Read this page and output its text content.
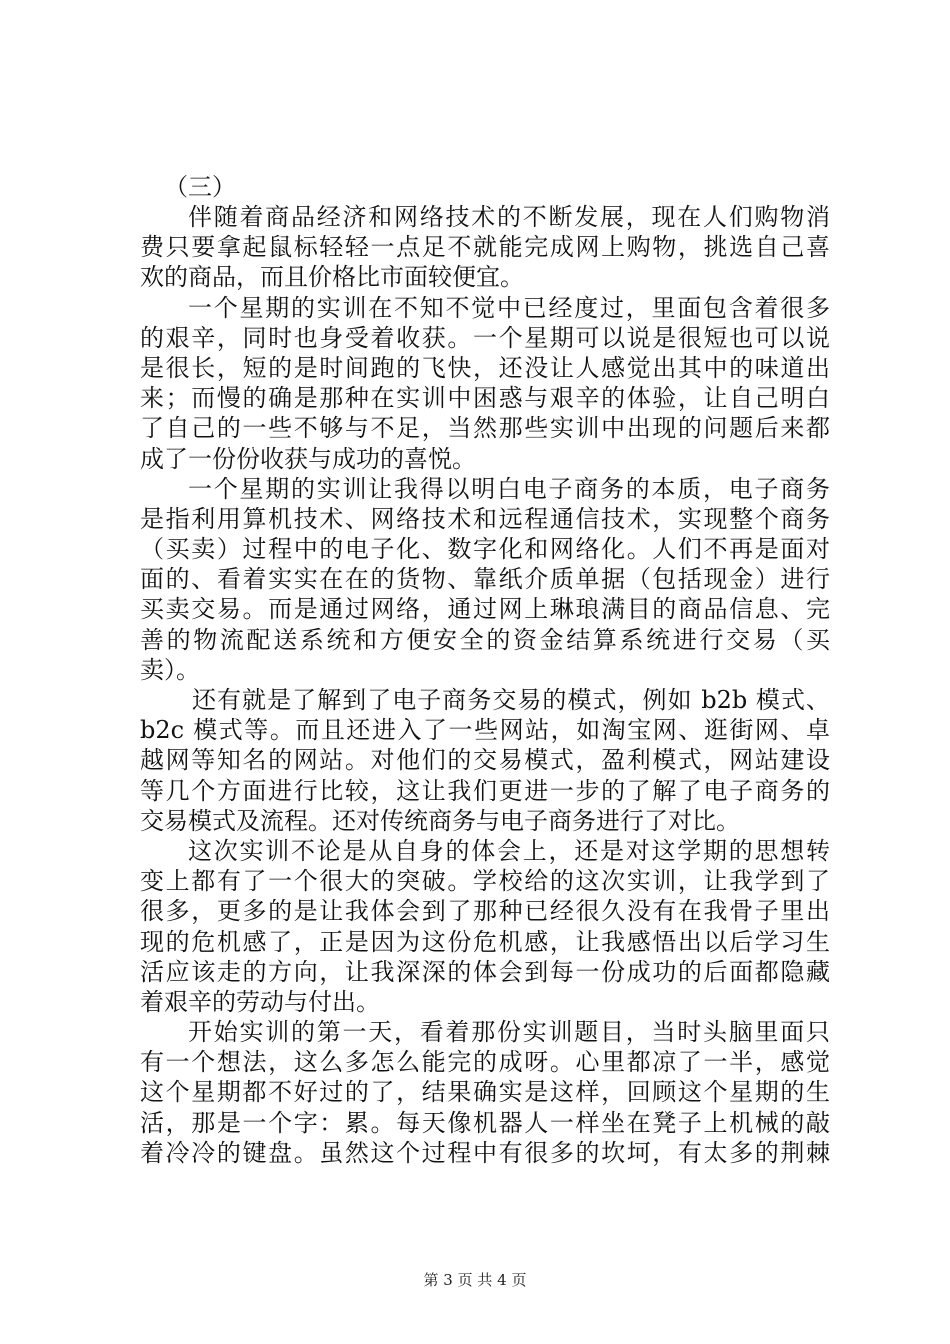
（三）
伴随着商品经济和网络技术的不断发展，现在人们购物消
费只要拿起鼠标轻轻一点足不就能完成网上购物，挑选自己喜
欢的商品，而且价格比市面较便宜。
一个星期的实训在不知不觉中已经度过，里面包含着很多
的艰辛，同时也身受着收获。一个星期可以说是很短也可以说
是很长，短的是时间跑的飞快，还没让人感觉出其中的味道出
来；而慢的确是那种在实训中困惑与艰辛的体验，让自己明白
了自己的一些不够与不足，当然那些实训中出现的问题后来都
成了一份份收获与成功的喜悦。
一个星期的实训让我得以明白电子商务的本质，电子商务
是指利用算机技术、网络技术和远程通信技术，实现整个商务
（买卖）过程中的电子化、数字化和网络化。人们不再是面对
面的、看着实实在在的货物、靠纸介质单据（包括现金）进行
买卖交易。而是通过网络，通过网上琳琅满目的商品信息、完
善的物流配送系统和方便安全的资金结算系统进行交易（买
卖）。
还有就是了解到了电子商务交易的模式，例如 b2b 模式、
b2c 模式等。而且还进入了一些网站，如淘宝网、逛街网、卓
越网等知名的网站。对他们的交易模式，盈利模式，网站建设
等几个方面进行比较，这让我们更进一步的了解了电子商务的
交易模式及流程。还对传统商务与电子商务进行了对比。
这次实训不论是从自身的体会上，还是对这学期的思想转
变上都有了一个很大的突破。学校给的这次实训，让我学到了
很多，更多的是让我体会到了那种已经很久没有在我骨子里出
现的危机感了，正是因为这份危机感，让我感悟出以后学习生
活应该走的方向，让我深深的体会到每一份成功的后面都隐藏
着艰辛的劳动与付出。
开始实训的第一天，看着那份实训题目，当时头脑里面只
有一个想法，这么多怎么能完的成呀。心里都凉了一半，感觉
这个星期都不好过的了，结果确实是这样，回顾这个星期的生
活，那是一个字：累。每天像机器人一样坐在凳子上机械的敲
着冷冷的键盘。虽然这个过程中有很多的坎坷，有太多的荆棘
第 3 页 共 4 页
